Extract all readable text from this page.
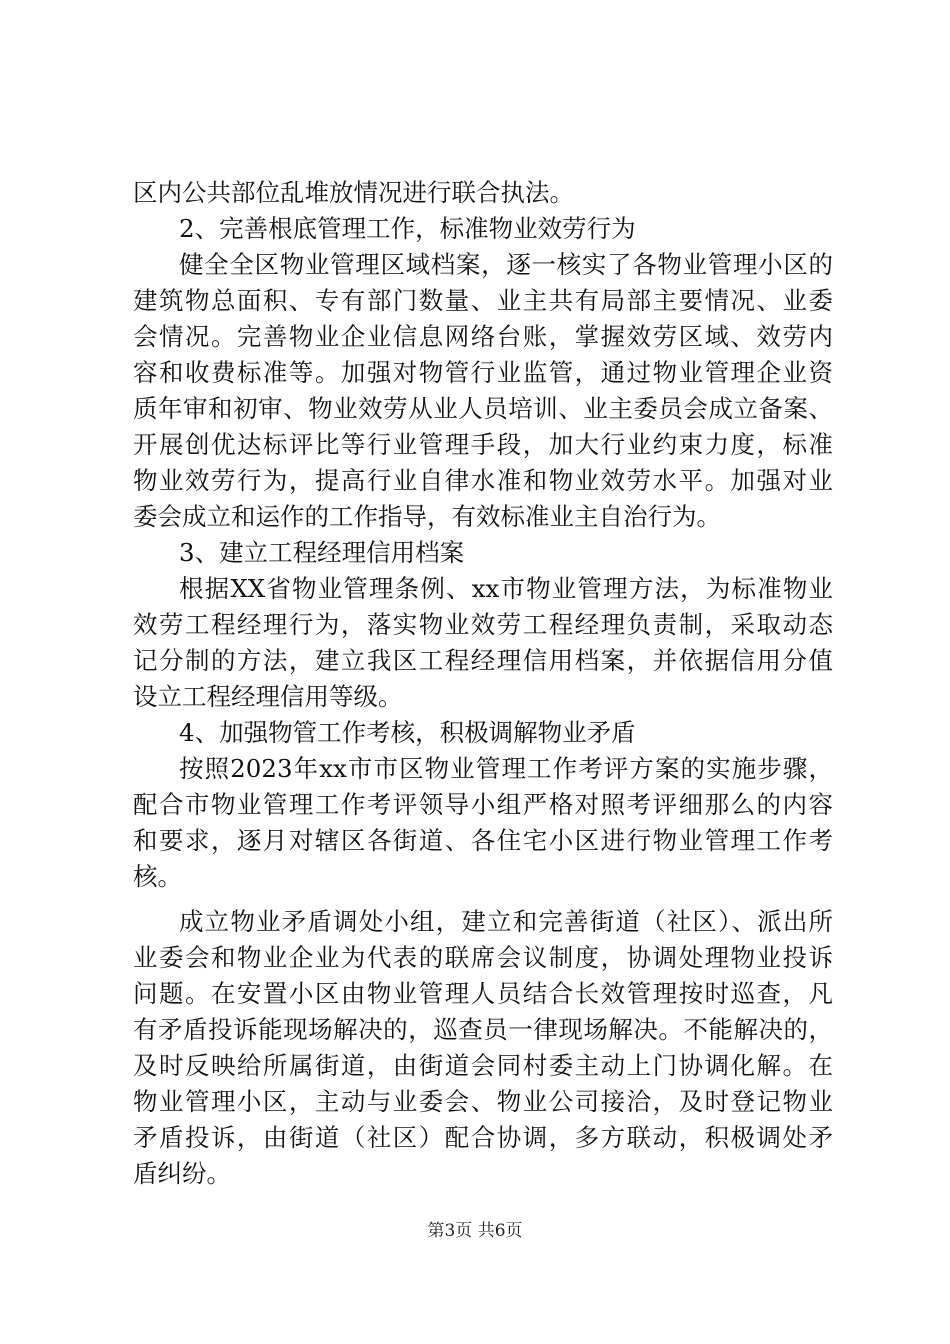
区内公共部位乱堆放情况进行联合执法。
2、完善根底管理工作，标准物业效劳行为
健全全区物业管理区域档案，逐一核实了各物业管理小区的
建筑物总面积、专有部门数量、业主共有局部主要情况、业委
会情况。完善物业企业信息网络台账，掌握效劳区域、效劳内
容和收费标准等。加强对物管行业监管，通过物业管理企业资
质年审和初审、物业效劳从业人员培训、业主委员会成立备案、
开展创优达标评比等行业管理手段，加大行业约束力度，标准
物业效劳行为，提高行业自律水准和物业效劳水平。加强对业
委会成立和运作的工作指导，有效标准业主自治行为。
3、建立工程经理信用档案
根据XX省物业管理条例、xx市物业管理方法，为标准物业
效劳工程经理行为，落实物业效劳工程经理负责制，采取动态
记分制的方法，建立我区工程经理信用档案，并依据信用分值
设立工程经理信用等级。
4、加强物管工作考核，积极调解物业矛盾
按照2023年xx市市区物业管理工作考评方案的实施步骤，
配合市物业管理工作考评领导小组严格对照考评细那么的内容
和要求，逐月对辖区各街道、各住宅小区进行物业管理工作考
核。
成立物业矛盾调处小组，建立和完善街道（社区）、派出所
业委会和物业企业为代表的联席会议制度，协调处理物业投诉
问题。在安置小区由物业管理人员结合长效管理按时巡查，凡
有矛盾投诉能现场解决的，巡查员一律现场解决。不能解决的，
及时反映给所属街道，由街道会同村委主动上门协调化解。在
物业管理小区，主动与业委会、物业公司接洽，及时登记物业
矛盾投诉，由街道（社区）配合协调，多方联动，积极调处矛
盾纠纷。
第3页 共6页
